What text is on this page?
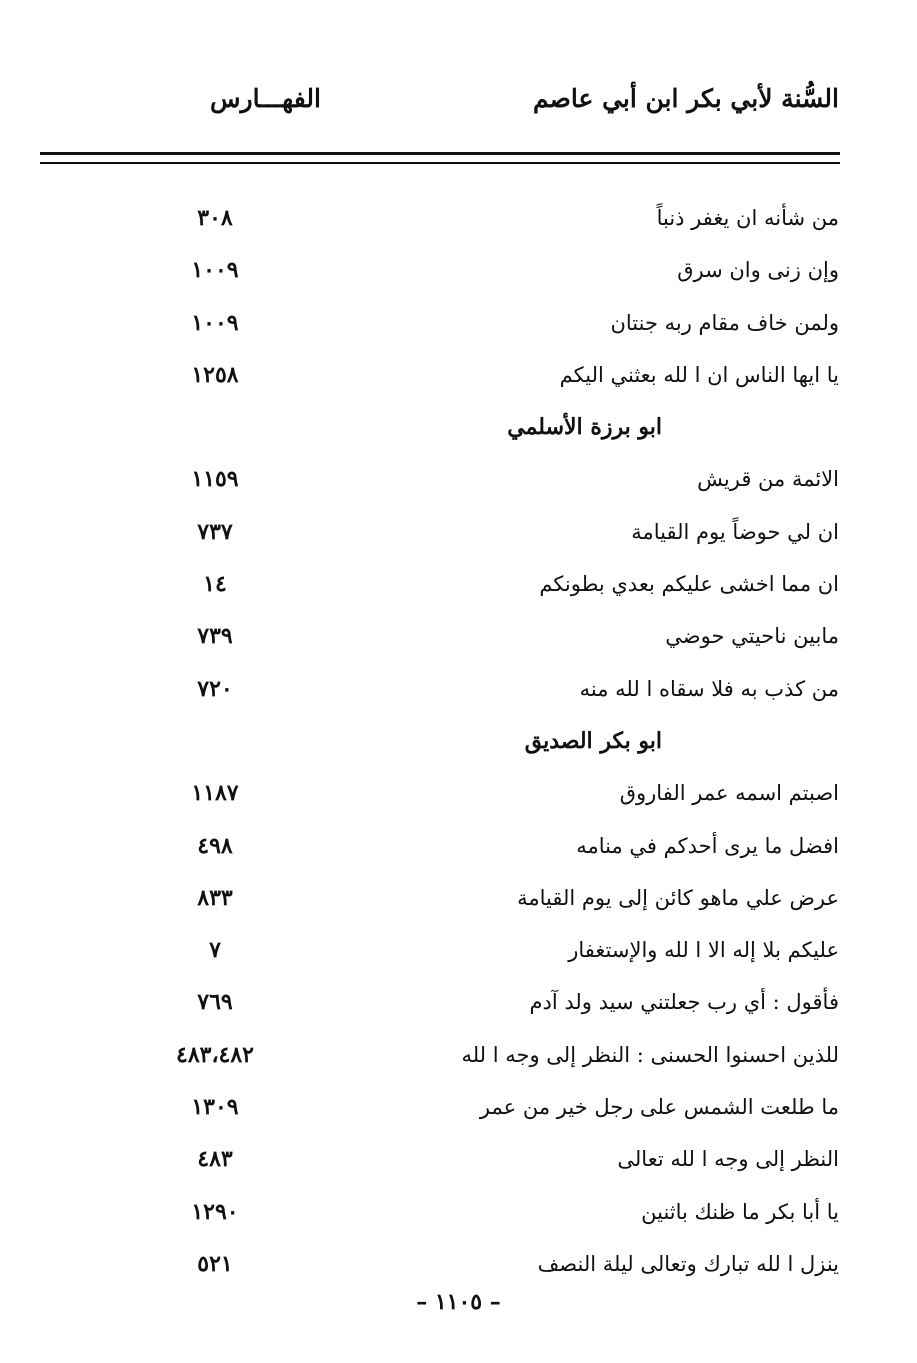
السُّنة لأبي بكر ابن أبي عاصم
الفهـــارس
من شأنه ان يغفر ذنباً
٣٠٨
وإن زنى وان سرق
١٠٠٩
ولمن خاف مقام ربه جنتان
١٠٠٩
يا ايها الناس ان ا لله بعثني اليكم
١٢٥٨
ابو برزة الأسلمي
الائمة من قريش
١١٥٩
ان لي حوضاً يوم القيامة
٧٣٧
ان مما اخشى عليكم بعدي بطونكم
١٤
مابين ناحيتي حوضي
٧٣٩
من كذب به فلا سقاه ا لله منه
٧٢٠
ابو بكر الصديق
اصبتم اسمه عمر الفاروق
١١٨٧
افضل ما يرى أحدكم في منامه
٤٩٨
عرض علي ماهو كائن إلى يوم القيامة
٨٣٣
عليكم بلا إله الا ا لله والإستغفار
٧
فأقول : أي رب جعلتني سيد ولد آدم
٧٦٩
للذين احسنوا الحسنى : النظر إلى وجه ا لله
٤٨٣،٤٨٢
ما طلعت الشمس على رجل خير من عمر
١٣٠٩
النظر إلى وجه ا لله تعالى
٤٨٣
يا أبا بكر ما ظنك باثنين
١٢٩٠
ينزل ا لله تبارك وتعالى ليلة النصف
٥٢١
– ١١٠٥ –
